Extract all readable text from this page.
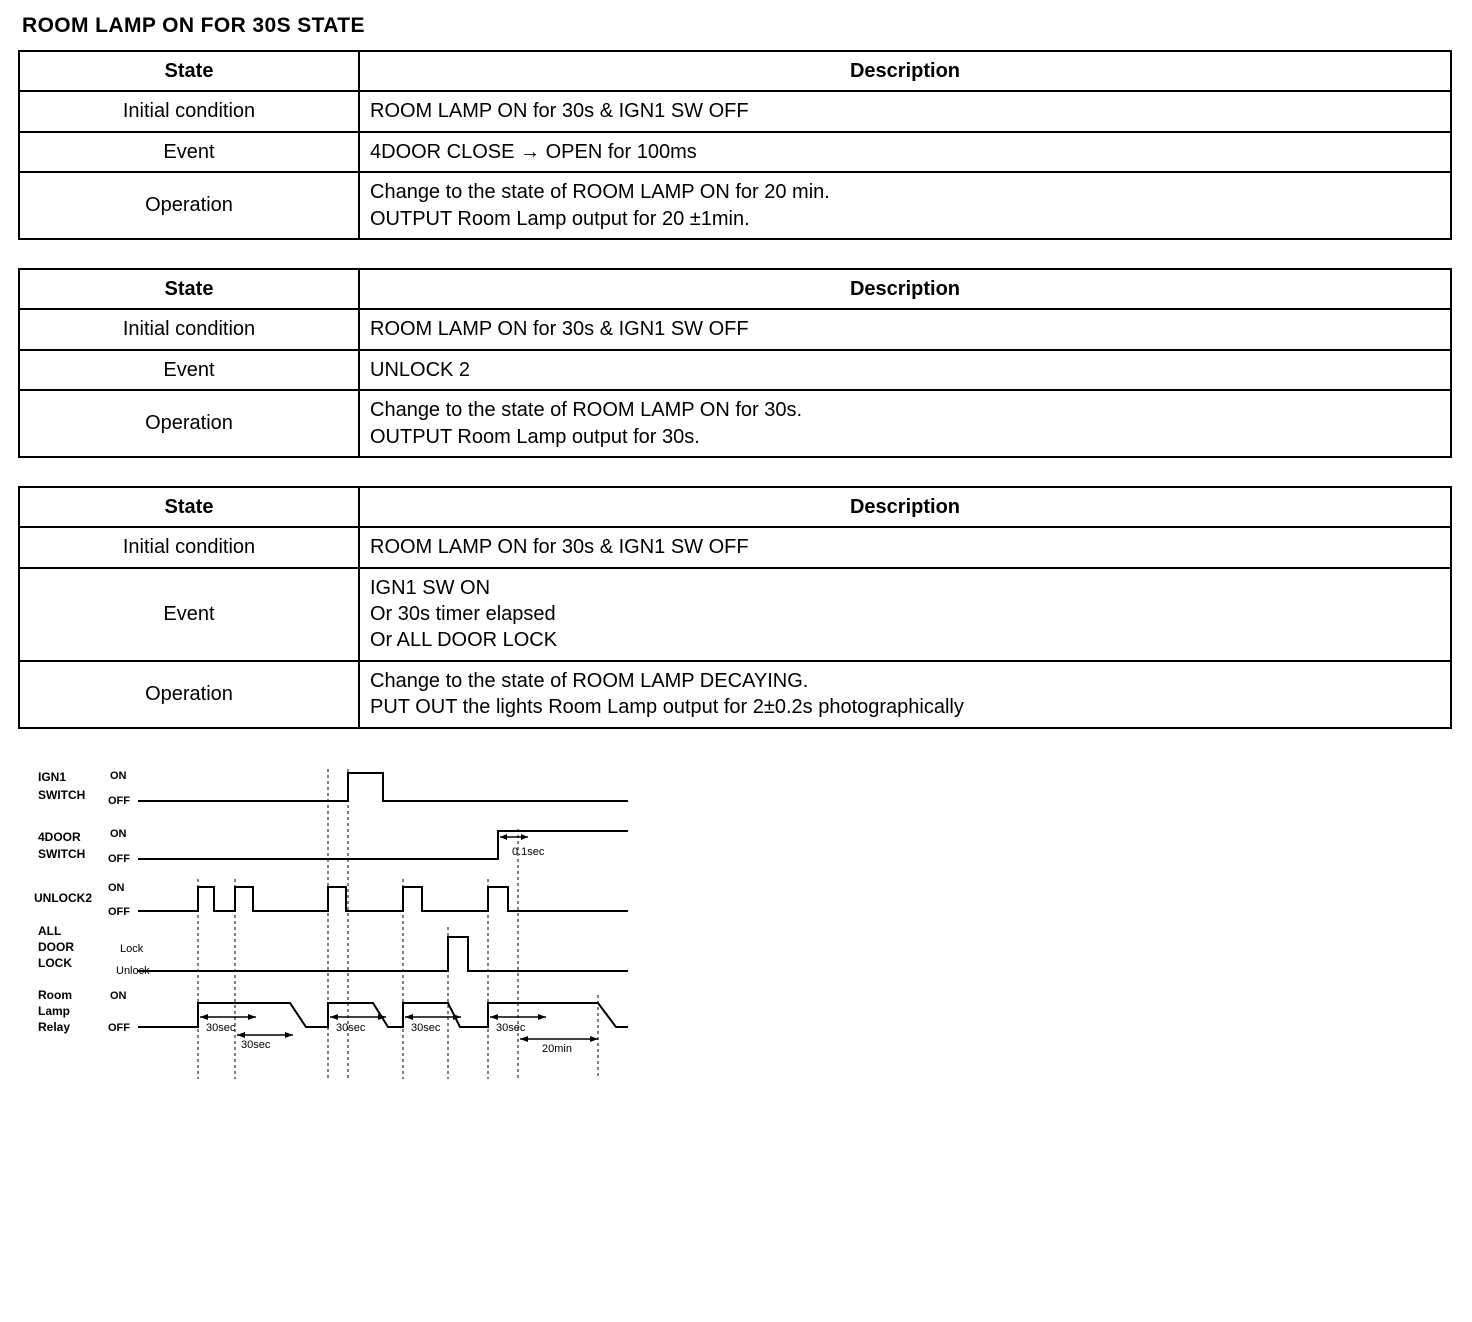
ROOM LAMP ON FOR 30S STATE
State	Description
Initial condition	ROOM LAMP ON for 30s & IGN1 SW OFF
Event	4DOOR CLOSE → OPEN for 100ms
Operation	Change to the state of ROOM LAMP ON for 20 min.
OUTPUT Room Lamp output for 20 ±1min.
State	Description
Initial condition	ROOM LAMP ON for 30s & IGN1 SW OFF
Event	UNLOCK 2
Operation	Change to the state of ROOM LAMP ON for 30s.
OUTPUT Room Lamp output for 30s.
State	Description
Initial condition	ROOM LAMP ON for 30s & IGN1 SW OFF
Event	IGN1 SW ON
Or 30s timer elapsed
Or ALL DOOR LOCK

Operation	Change to the state of ROOM LAMP DECAYING.
PUT OUT the lights Room Lamp output for 2±0.2s photographically
IGN1
SWITCH
ON
OFF
4DOOR
SWITCH
ON
OFF
0.1sec
UNLOCK2
ON
OFF
ALL
DOOR
LOCK
Lock
Unlock
Room
Lamp
Relay
ON
OFF	30sec
30sec
30sec	30sec	30sec
20min
